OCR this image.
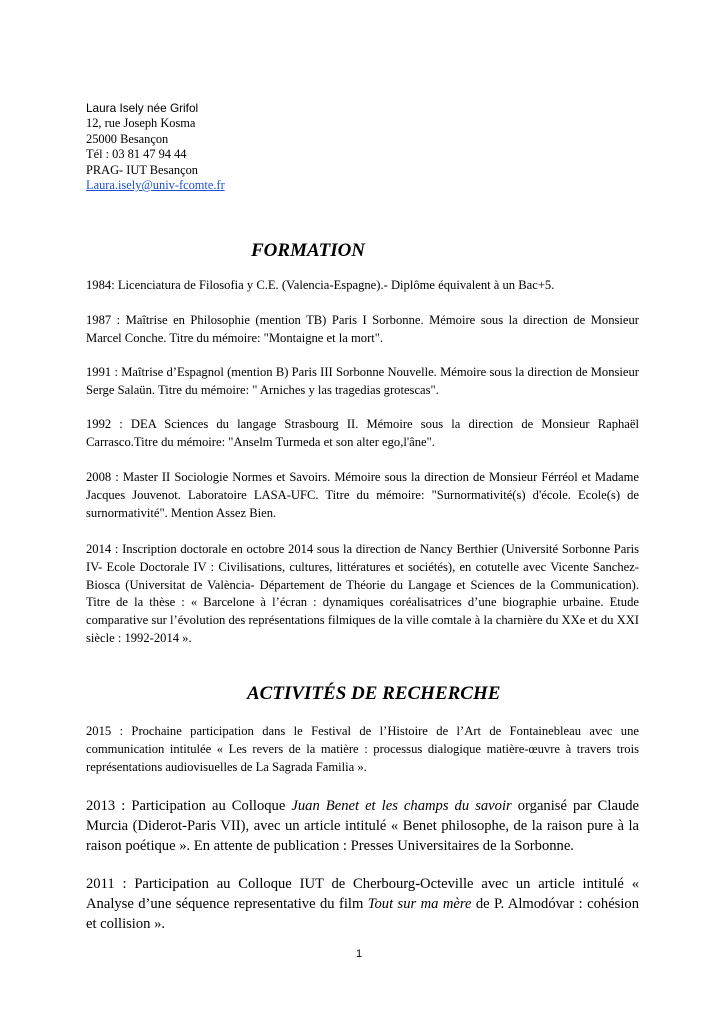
Laura Isely née Grifol
12, rue Joseph Kosma
25000 Besançon
Tél : 03 81 47 94 44
PRAG- IUT Besançon
Laura.isely@univ-fcomte.fr
FORMATION

1984: Licenciatura de Filosofia y C.E. (Valencia-Espagne).- Diplôme équivalent à un Bac+5.

1987 : Maîtrise en Philosophie (mention TB) Paris I Sorbonne. Mémoire sous la direction de Monsieur Marcel Conche. Titre du mémoire: "Montaigne et la mort".

1991 : Maîtrise d’Espagnol (mention B) Paris III Sorbonne Nouvelle. Mémoire sous la direction de Monsieur Serge Salaün. Titre du mémoire: " Arniches y las tragedias grotescas".

1992 : DEA Sciences du langage Strasbourg II. Mémoire sous la direction de Monsieur Raphaël Carrasco.Titre du mémoire: "Anselm Turmeda et son alter ego,l'âne".

2008 : Master II Sociologie Normes et Savoirs. Mémoire sous la direction de Monsieur Férréol et Madame Jacques Jouvenot. Laboratoire LASA-UFC. Titre du mémoire: "Surnormativité(s) d'école. Ecole(s) de surnormativité". Mention Assez Bien.

2014 : Inscription doctorale en octobre 2014 sous la direction de Nancy Berthier (Université Sorbonne Paris IV- Ecole Doctorale IV : Civilisations, cultures, littératures et sociétés), en cotutelle avec Vicente Sanchez-Biosca (Universitat de València- Département de Théorie du Langage et Sciences de la Communication). Titre de la thèse : « Barcelone à l’écran : dynamiques coréalisatrices d’une biographie urbaine. Etude comparative sur l’évolution des représentations filmiques de la ville comtale à la charnière du XXe et du XXI siècle : 1992-2014 ».

ACTIVITÉS DE RECHERCHE

2015 : Prochaine participation dans le Festival de l’Histoire de l’Art de Fontainebleau avec une communication intitulée « Les revers de la matière : processus dialogique matière-œuvre à travers trois représentations audiovisuelles de La Sagrada Familia ».

2013 : Participation au Colloque Juan Benet et les champs du savoir organisé par Claude Murcia (Diderot-Paris VII), avec un article intitulé « Benet philosophe, de la raison pure à la raison poétique ». En attente de publication : Presses Universitaires de la Sorbonne.

2011 : Participation au Colloque IUT de Cherbourg-Octeville avec un article intitulé « Analyse d’une séquence representative du film Tout sur ma mère de P. Almodóvar : cohésion et collision ».

1
